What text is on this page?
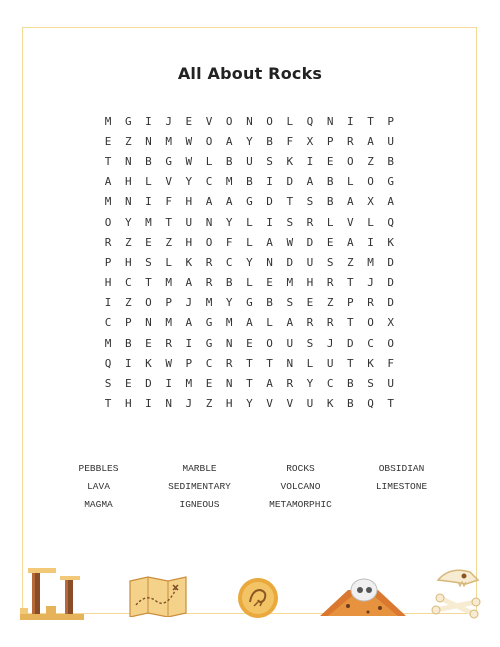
All About Rocks
M	G	I	J	E	V	O	N	O	L	Q	N	I	T	P
E	Z	N	M	W	O	A	Y	B	F	X	P	R	A	U
T	N	B	G	W	L	B	U	S	K	I	E	O	Z	B
A	H	L	V	Y	C	M	B	I	D	A	B	L	O	G
M	N	I	F	H	A	A	G	D	T	S	B	A	X	A
O	Y	M	T	U	N	Y	L	I	S	R	L	V	L	Q
R	Z	E	Z	H	O	F	L	A	W	D	E	A	I	K
P	H	S	L	K	R	C	Y	N	D	U	S	Z	M	D
H	C	T	M	A	R	B	L	E	M	H	R	T	J	D
I	Z	O	P	J	M	Y	G	B	S	E	Z	P	R	D
C	P	N	M	A	G	M	A	L	A	R	R	T	O	X
M	B	E	R	I	G	N	E	O	U	S	J	D	C	O
Q	I	K	W	P	C	R	T	T	N	L	U	T	K	F
S	E	D	I	M	E	N	T	A	R	Y	C	B	S	U
T	H	I	N	J	Z	H	Y	V	V	U	K	B	Q	T
PEBBLES	MARBLE	ROCKS	OBSIDIAN
LAVA	SEDIMENTARY	VOLCANO	LIMESTONE
MAGMA	IGNEOUS	METAMORPHIC
